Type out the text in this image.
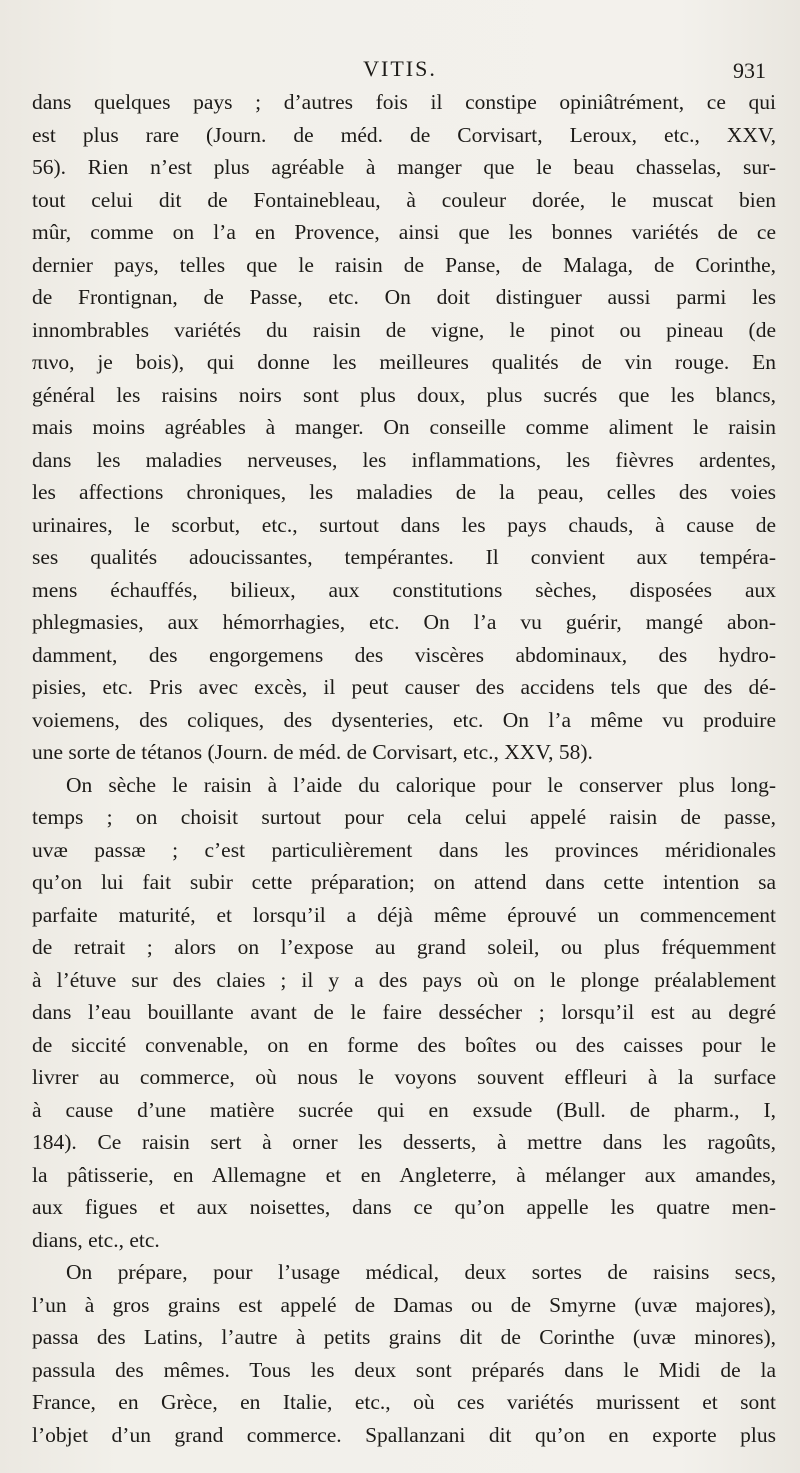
VITIS.	931
dans quelques pays ; d’autres fois il constipe opiniâtrément, ce qui
est plus rare (Journ. de méd. de Corvisart, Leroux, etc., XXV,
56). Rien n’est plus agréable à manger que le beau chasselas, sur-
tout celui dit de Fontainebleau, à couleur dorée, le muscat bien
mûr, comme on l’a en Provence, ainsi que les bonnes variétés de ce
dernier pays, telles que le raisin de Panse, de Malaga, de Corinthe,
de Frontignan, de Passe, etc. On doit distinguer aussi parmi les
innombrables variétés du raisin de vigne, le pinot ou pineau (de
πινο, je bois), qui donne les meilleures qualités de vin rouge. En
général les raisins noirs sont plus doux, plus sucrés que les blancs,
mais moins agréables à manger. On conseille comme aliment le raisin
dans les maladies nerveuses, les inflammations, les fièvres ardentes,
les affections chroniques, les maladies de la peau, celles des voies
urinaires, le scorbut, etc., surtout dans les pays chauds, à cause de
ses qualités adoucissantes, tempérantes. Il convient aux tempéra-
mens échauffés, bilieux, aux constitutions sèches, disposées aux
phlegmasies, aux hémorrhagies, etc. On l’a vu guérir, mangé abon-
damment, des engorgemens des viscères abdominaux, des hydro-
pisies, etc. Pris avec excès, il peut causer des accidens tels que des dé-
voiemens, des coliques, des dysenteries, etc. On l’a même vu produire
une sorte de tétanos (Journ. de méd. de Corvisart, etc., XXV, 58).
On sèche le raisin à l’aide du calorique pour le conserver plus long-
temps ; on choisit surtout pour cela celui appelé raisin de passe,
uvæ passæ ; c’est particulièrement dans les provinces méridionales
qu’on lui fait subir cette préparation; on attend dans cette intention sa
parfaite maturité, et lorsqu’il a déjà même éprouvé un commencement
de retrait ; alors on l’expose au grand soleil, ou plus fréquemment
à l’étuve sur des claies ; il y a des pays où on le plonge préalablement
dans l’eau bouillante avant de le faire dessécher ; lorsqu’il est au degré
de siccité convenable, on en forme des boîtes ou des caisses pour le
livrer au commerce, où nous le voyons souvent effleuri à la surface
à cause d’une matière sucrée qui en exsude (Bull. de pharm., I,
184). Ce raisin sert à orner les desserts, à mettre dans les ragoûts,
la pâtisserie, en Allemagne et en Angleterre, à mélanger aux amandes,
aux figues et aux noisettes, dans ce qu’on appelle les quatre men-
dians, etc., etc.
On prépare, pour l’usage médical, deux sortes de raisins secs,
l’un à gros grains est appelé de Damas ou de Smyrne (uvæ majores),
passa des Latins, l’autre à petits grains dit de Corinthe (uvæ minores),
passula des mêmes. Tous les deux sont préparés dans le Midi de la
France, en Grèce, en Italie, etc., où ces variétés murissent et sont
l’objet d’un grand commerce. Spallanzani dit qu’on en exporte plus
